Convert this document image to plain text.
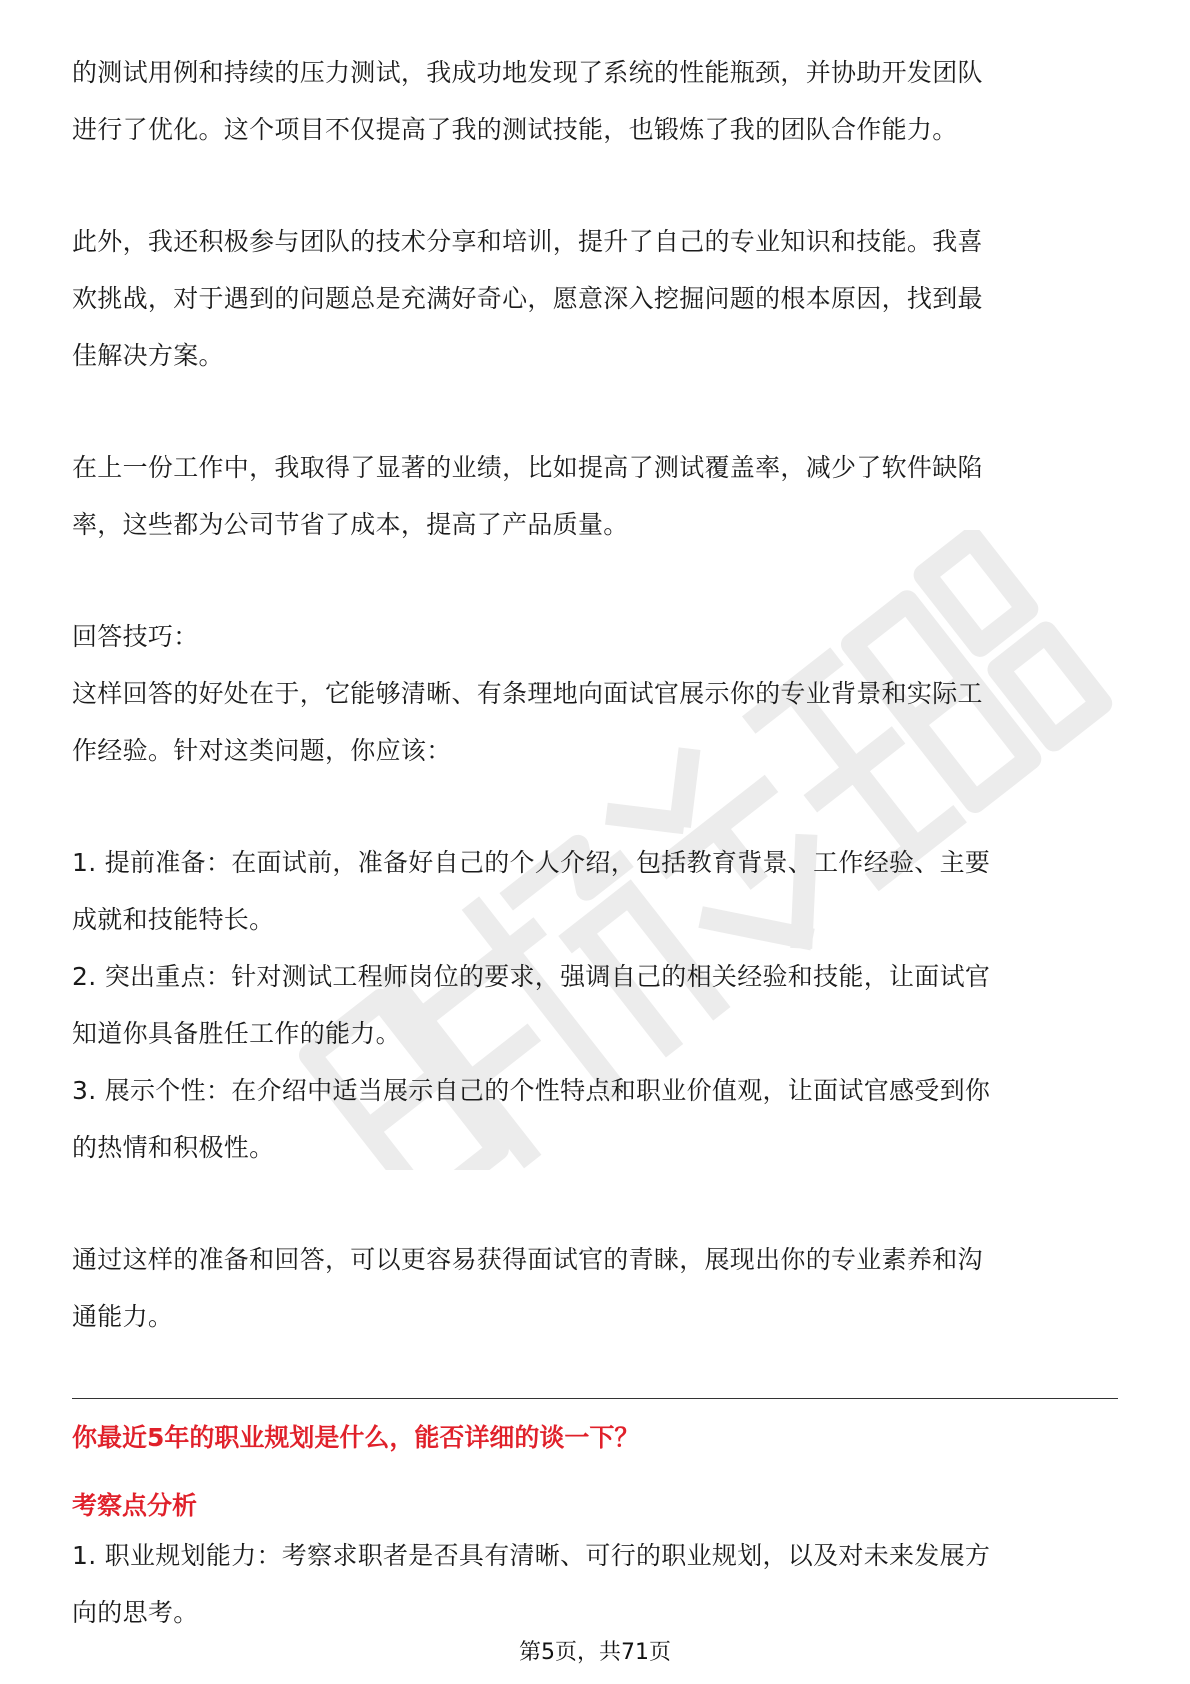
的测试用例和持续的压力测试，我成功地发现了系统的性能瓶颈，并协助开发团队

进行了优化。这个项目不仅提高了我的测试技能，也锻炼了我的团队合作能力。

此外，我还积极参与团队的技术分享和培训，提升了自己的专业知识和技能。我喜

欢挑战，对于遇到的问题总是充满好奇心，愿意深入挖掘问题的根本原因，找到最

佳解决方案。

在上一份工作中，我取得了显著的业绩，比如提高了测试覆盖率，减少了软件缺陷

率，这些都为公司节省了成本，提高了产品质量。

回答技巧：

这样回答的好处在于，它能够清晰、有条理地向面试官展示你的专业背景和实际工

作经验。针对这类问题，你应该：

1. 提前准备：在面试前，准备好自己的个人介绍，包括教育背景、工作经验、主要

成就和技能特长。

2. 突出重点：针对测试工程师岗位的要求，强调自己的相关经验和技能，让面试官

知道你具备胜任工作的能力。

3. 展示个性：在介绍中适当展示自己的个性特点和职业价值观，让面试官感受到你

的热情和积极性。

通过这样的准备和回答，可以更容易获得面试官的青睐，展现出你的专业素养和沟

通能力。

你最近5年的职业规划是什么，能否详细的谈一下？
考察点分析

1. 职业规划能力：考察求职者是否具有清晰、可行的职业规划，以及对未来发展方

向的思考。

第5页，共71页
